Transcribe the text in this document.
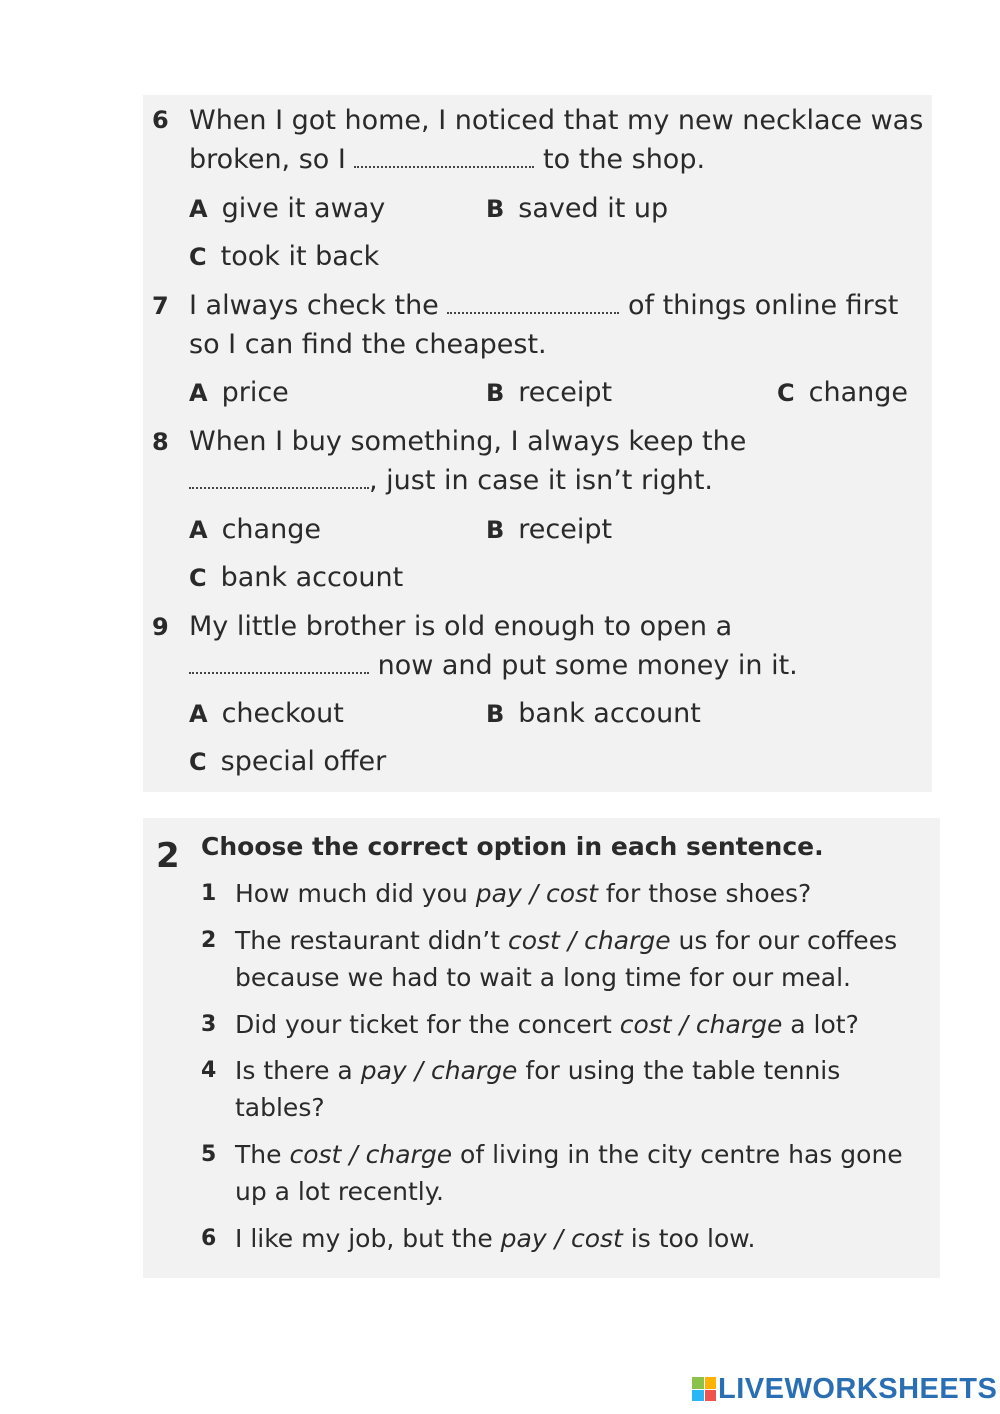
6 When I got home, I noticed that my new necklace was
broken, so I	to the shop.
A give it away	B saved it up
C took it back
7 I always check the	of things online first
so I can find the cheapest.
A price	B receipt	C change
8 When I buy something, I always keep the
, just in case it isn’t right.
A change	B receipt
C bank account
9 My little brother is old enough to open a
now and put some money in it.
A checkout	B bank account
C special offer
2 Choose the correct option in each sentence.
1 How much did you pay / cost for those shoes?
2 The restaurant didn’t cost / charge us for our coffees
because we had to wait a long time for our meal.
3 Did your ticket for the concert cost / charge a lot?
4 Is there a pay / charge for using the table tennis
tables?
5 The cost / charge of living in the city centre has gone
up a lot recently.
6 I like my job, but the pay / cost is too low.
LIVEWORKSHEETS
